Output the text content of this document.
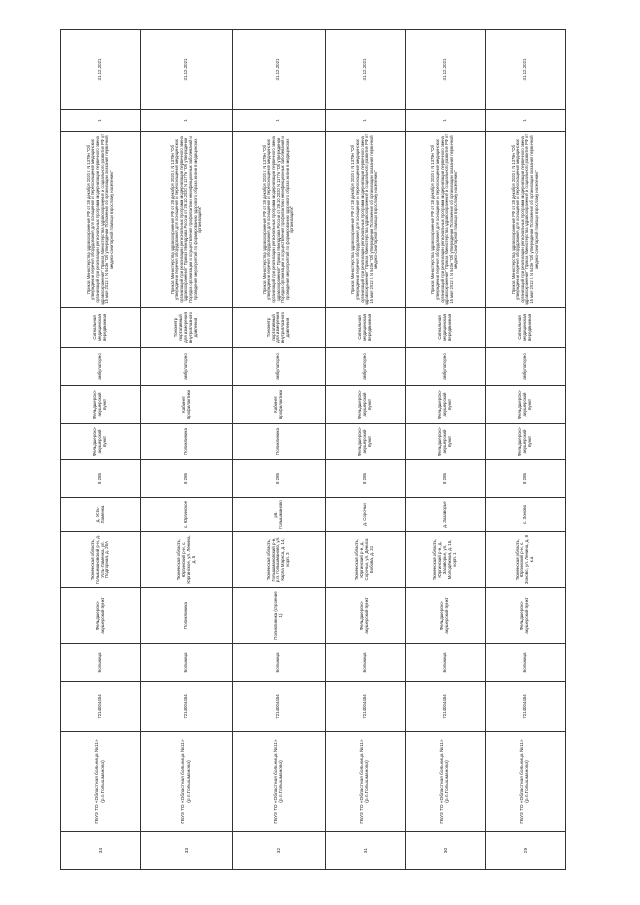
34	ГБУЗ ТО «Областная больница №11» (р.п.Голышманово)	7214004454	Больница	Фельдшерско-акушерский пункт	Тюменская область, Голышмановский р-н, д. Усть-Ламенка, ул. Подгорная, д. 26А	д. Усть-Ламенка	8 285	Фельдшерско-акушерский пункт	Фельдшерско-акушерский пункт	амбулаторно	Сигнальная медицинская передвижная	Приказ Министерства здравоохранения РФ от 28 декабря 2020 г. N 1379н "Об утверждении перечня оборудования для оснащения и переоснащения медицинских организаций при реализации региональных программ модернизации первичного звена здравоохранения" Приказ Министерства здравоохранения и социального развития РФ от 15 мая 2012 г. N 543н "Об утверждении Положения об организации оказания первичной медико-санитарной помощи взрослому населению"	1	31.12.2021
33	ГБУЗ ТО «Областная больница №11» (р.п.Голышманово)	7214004454	Больница	Поликлиника	Тюменская область, Юргинский р-н, с. Юргинское, ул. Ленина, д. 5	с. Юргинское	8 285	Поликлиника	Кабинет профилактики	амбулаторно	Тонометр портативный для измерения внутриглазного давления	Приказ Министерства здравоохранения РФ от 28 декабря 2020 г. N 1379н "Об утверждении перечня оборудования для оснащения и переоснащения медицинских организаций при реализации региональных программ модернизации первичного звена здравоохранения" Приказ Минздрава России от 29.10.2020 N 1177н "Об утверждении Порядка организации и осуществления профилактики неинфекционных заболеваний и проведения мероприятий по формированию здорового образа жизни в медицинских организациях"	1	31.12.2021
32	ГБУЗ ТО «Областная больница №11» (р.п.Голышманово)	7214004454	Больница	Поликлиника (строение 1)	Тюменская область, Голышмановский р-н, р.п. Голышманово, ул. Карла Маркса, д. 14, корп. 3	рп. Голышманово	8 285	Поликлиника	Кабинет профилактики	амбулаторно	Тонометр портативный для измерения внутриглазного давления	Приказ Министерства здравоохранения РФ от 28 декабря 2020 г. N 1379н "Об утверждении перечня оборудования для оснащения и переоснащения медицинских организаций при реализации региональных программ модернизации первичного звена здравоохранения" Приказ Минздрава России от 29.10.2020 N 1177н "Об утверждении Порядка организации и осуществления профилактики неинфекционных заболеваний и проведения мероприятий по формированию здорового образа жизни в медицинских организациях"	1	31.12.2021
31	ГБУЗ ТО «Областная больница №11» (р.п.Голышманово)	7214004454	Больница	Фельдшерско-акушерский пункт	Тюменская область, Юргинский р-н, д. Сорочьи, ул. Дениса Бобова, д. 31	д. Сорочьи	8 285	Фельдшерско-акушерский пункт	Фельдшерско-акушерский пункт	амбулаторно	Сигнальная медицинская передвижная	Приказ Министерства здравоохранения РФ от 28 декабря 2020 г. N 1379н "Об утверждении перечня оборудования для оснащения и переоснащения медицинских организаций при реализации региональных программ модернизации первичного звена здравоохранения" Приказ Министерства здравоохранения и социального развития РФ от 15 мая 2012 г. N 543н "Об утверждении Положения об организации оказания первичной медико-санитарной помощи взрослому населению"	1	31.12.2021
30	ГБУЗ ТО «Областная больница №11» (р.п.Голышманово)	7214004454	Больница	Фельдшерско-акушерский пункт	Тюменская область, Юргинский р-н, д. Зазаворье, ул. Молодёжная, д. 16, корп. 1	д. Зазаворье	8 285	Фельдшерско-акушерский пункт	Фельдшерско-акушерский пункт	амбулаторно	Сигнальная медицинская передвижная	Приказ Министерства здравоохранения РФ от 28 декабря 2020 г. N 1379н "Об утверждении перечня оборудования для оснащения и переоснащения медицинских организаций при реализации региональных программ модернизации первичного звена здравоохранения" Приказ Министерства здравоохранения и социального развития РФ от 15 мая 2012 г. N 543н "Об утверждении Положения об организации оказания первичной медико-санитарной помощи взрослому населению"	1	31.12.2021
29	ГБУЗ ТО «Областная больница №11» (р.п.Голышманово)	7214004454	Больница	Фельдшерско-акушерский пункт	Тюменская область, Юргинский р-н, с. Зоново, ул. Ленина, д. 8 к.а	с. Зоново	8 285	Фельдшерско-акушерский пункт	Фельдшерско-акушерский пункт	амбулаторно	Сигнальная медицинская передвижная	Приказ Министерства здравоохранения РФ от 28 декабря 2020 г. N 1379н "Об утверждении перечня оборудования для оснащения и переоснащения медицинских организаций при реализации региональных программ модернизации первичного звена здравоохранения" Приказ Министерства здравоохранения и социального развития РФ от 15 мая 2012 г. N 543н "Об утверждении Положения об организации оказания первичной медико-санитарной помощи взрослому населению"	1	31.12.2021
